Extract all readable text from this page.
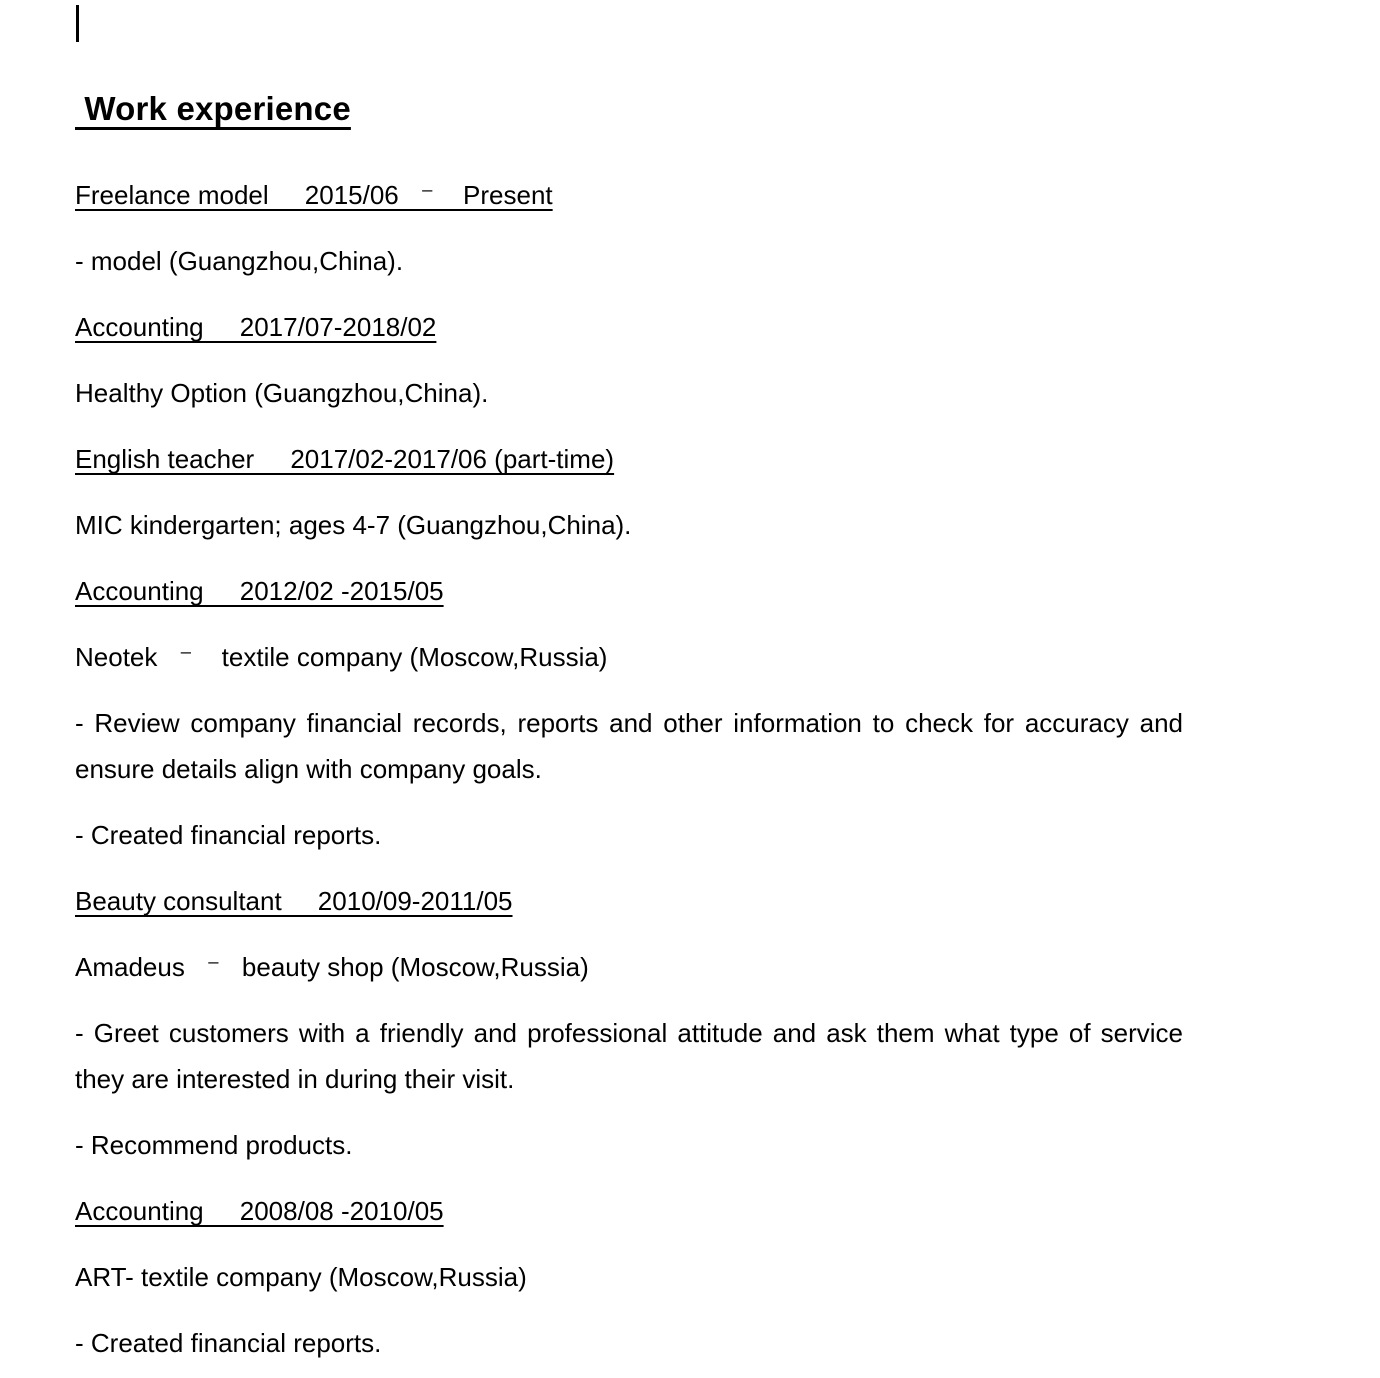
Work experience

Freelance model     2015/06   ⁻    Present

- model (Guangzhou,China).

Accounting     2017/07-2018/02

Healthy Option (Guangzhou,China).

English teacher     2017/02-2017/06 (part-time)

MIC kindergarten; ages 4-7 (Guangzhou,China).

Accounting     2012/02 -2015/05

Neotek   ⁻    textile company (Moscow,Russia)

- Review company financial records, reports and other information to check for accuracy and
ensure details align with company goals.

- Created financial reports.

Beauty consultant     2010/09-2011/05

Amadeus   ⁻   beauty shop (Moscow,Russia)

- Greet customers with a friendly and professional attitude and ask them what type of service
they are interested in during their visit.

- Recommend products.

Accounting     2008/08 -2010/05

ART- textile company (Moscow,Russia)

- Created financial reports.
